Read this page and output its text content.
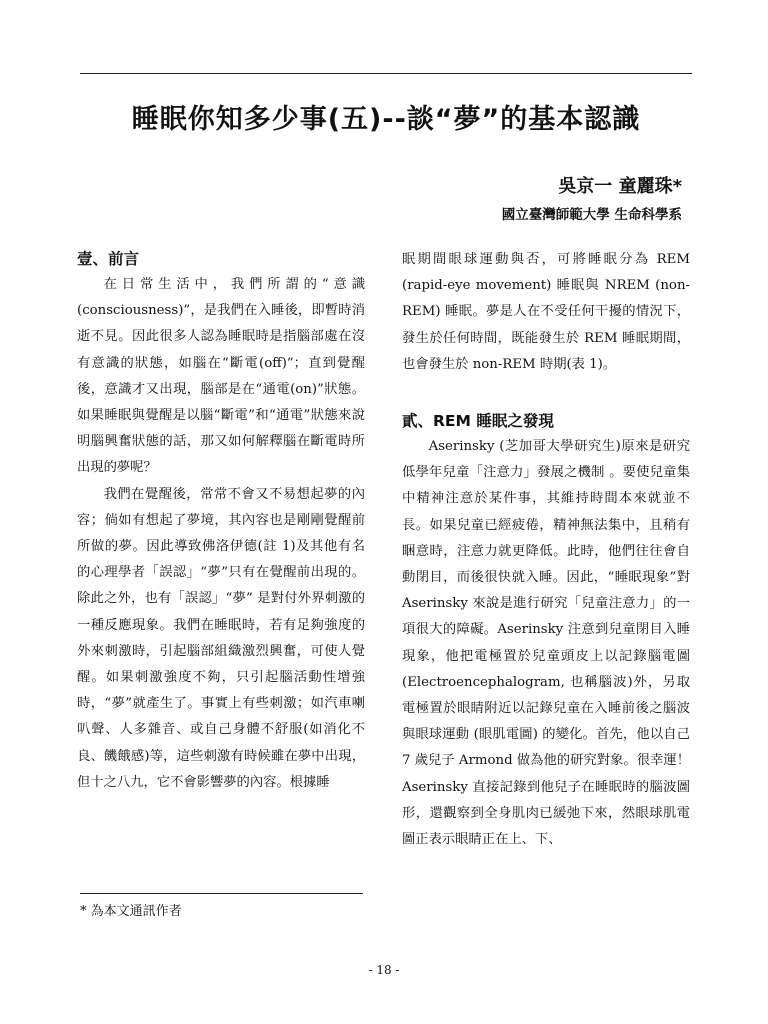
睡眠你知多少事(五)--談“夢”的基本認識
吳京一 童麗珠*
國立臺灣師範大學 生命科學系
壹、前言

在日常生活中，我們所謂的“意識(consciousness)”，是我們在入睡後，即暫時消逝不見。因此很多人認為睡眠時是指腦部處在沒有意識的狀態，如腦在“斷電(off)”；直到覺醒後，意識才又出現，腦部是在“通電(on)”狀態。如果睡眠與覺醒是以腦“斷電”和“通電”狀態來說明腦興奮狀態的話，那又如何解釋腦在斷電時所出現的夢呢？

我們在覺醒後，常常不會又不易想起夢的內容；倘如有想起了夢境，其內容也是剛剛覺醒前所做的夢。因此導致佛洛伊德(註 1)及其他有名的心理學者「誤認」“夢”只有在覺醒前出現的。除此之外，也有「誤認」“夢” 是對付外界刺激的一種反應現象。我們在睡眠時，若有足夠強度的外來刺激時，引起腦部組織激烈興奮，可使人覺醒。如果刺激強度不夠，只引起腦活動性增強時，“夢”就產生了。事實上有些刺激；如汽車喇叭聲、人多雜音、或自己身體不舒服(如消化不良、饑餓感)等，這些刺激有時候雖在夢中出現，但十之八九，它不會影響夢的內容。根據睡

眠期間眼球運動與否，可將睡眠分為 REM (rapid-eye movement) 睡眠與 NREM (non-REM) 睡眠。夢是人在不受任何干擾的情況下，發生於任何時間，既能發生於 REM 睡眠期間，也會發生於 non-REM 時期(表 1)。

貳、REM 睡眠之發現

Aserinsky (芝加哥大學研究生)原來是研究低學年兒童「注意力」發展之機制 。要使兒童集中精神注意於某件事，其維持時間本來就並不長。如果兒童已經疲倦，精神無法集中，且稍有睏意時，注意力就更降低。此時，他們往往會自動閉目，而後很快就入睡。因此，“睡眠現象”對 Aserinsky 來說是進行研究「兒童注意力」的一項很大的障礙。Aserinsky 注意到兒童閉目入睡現象，他把電極置於兒童頭皮上以記錄腦電圖(Electroencephalogram, 也稱腦波)外，另取電極置於眼睛附近以記錄兒童在入睡前後之腦波與眼球運動 (眼肌電圖) 的變化。首先，他以自己 7 歲兒子 Armond 做為他的研究對象。很幸運！Aserinsky 直接記錄到他兒子在睡眠時的腦波圖形，還觀察到全身肌肉已緩弛下來，然眼球肌電圖正表示眼睛正在上、下、

* 為本文通訊作者
- 18 -
